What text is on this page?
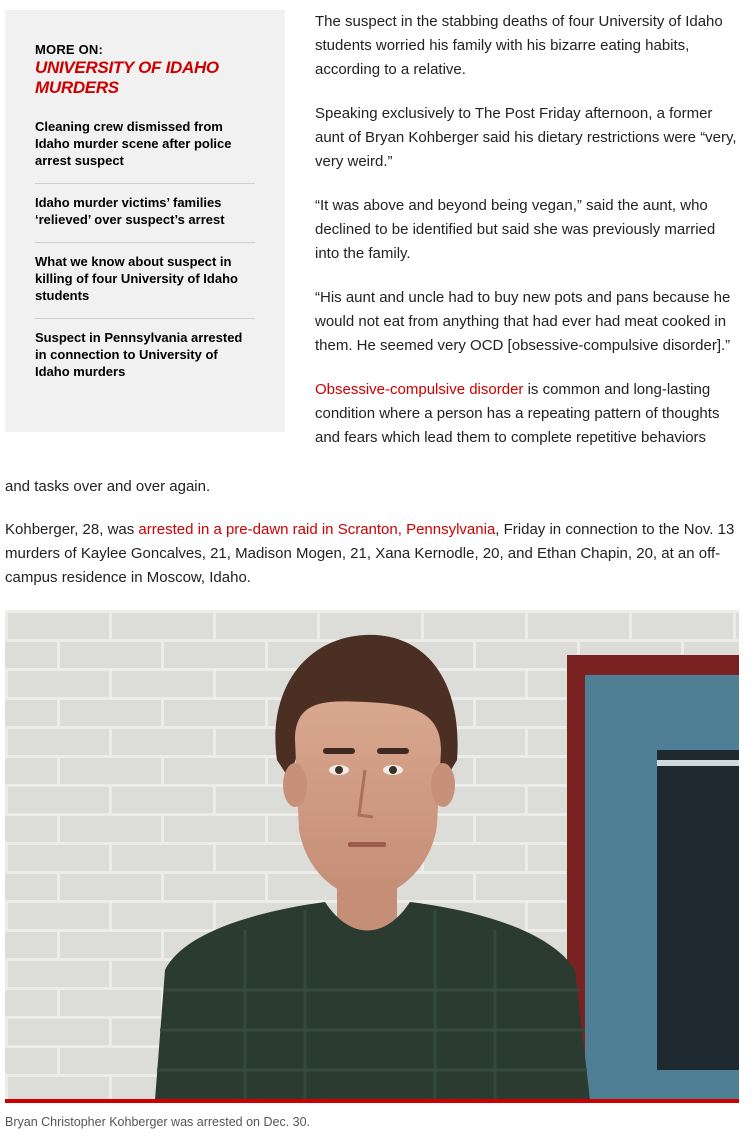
MORE ON:
UNIVERSITY OF IDAHO MURDERS
Cleaning crew dismissed from Idaho murder scene after police arrest suspect
Idaho murder victims’ families ‘relieved’ over suspect’s arrest
What we know about suspect in killing of four University of Idaho students
Suspect in Pennsylvania arrested in connection to University of Idaho murders

The suspect in the stabbing deaths of four University of Idaho students worried his family with his bizarre eating habits, according to a relative.

Speaking exclusively to The Post Friday afternoon, a former aunt of Bryan Kohberger said his dietary restrictions were “very, very weird.”

“It was above and beyond being vegan,” said the aunt, who declined to be identified but said she was previously married into the family.

“His aunt and uncle had to buy new pots and pans because he would not eat from anything that had ever had meat cooked in them. He seemed very OCD [obsessive-compulsive disorder].”

Obsessive-compulsive disorder is common and long-lasting condition where a person has a repeating pattern of thoughts and fears which lead them to complete repetitive behaviors

and tasks over and over again.

Kohberger, 28, was arrested in a pre-dawn raid in Scranton, Pennsylvania, Friday in connection to the Nov. 13 murders of Kaylee Goncalves, 21, Madison Mogen, 21, Xana Kernodle, 20, and Ethan Chapin, 20, at an off-campus residence in Moscow, Idaho.

Bryan Christopher Kohberger was arrested on Dec. 30.
